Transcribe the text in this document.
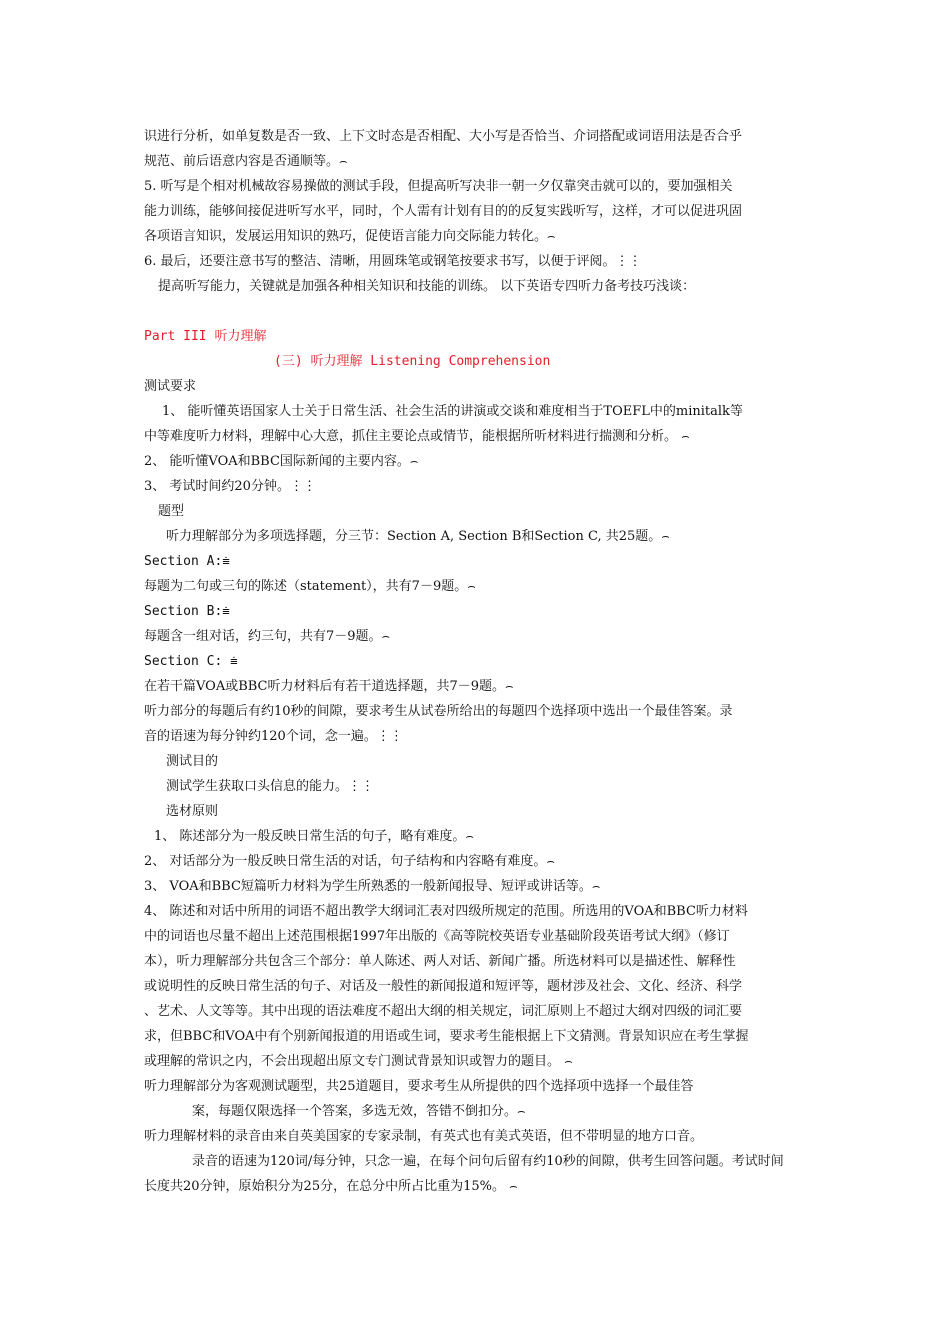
识进行分析，如单复数是否一致、上下文时态是否相配、大小写是否恰当、介词搭配或词语用法是否合乎
规范、前后语意内容是否通顺等。⌢
5. 听写是个相对机械故容易操做的测试手段，但提高听写决非一朝一夕仅靠突击就可以的，要加强相关
能力训练，能够间接促进听写水平，同时，个人需有计划有目的的反复实践听写，这样，才可以促进巩固
各项语言知识，发展运用知识的熟巧，促使语言能力向交际能力转化。⌢
6. 最后，还要注意书写的整洁、清晰，用圆珠笔或钢笔按要求书写，以便于评阅。⋮⋮
提高听写能力，关键就是加强各种相关知识和技能的训练。 以下英语专四听力备考技巧浅谈：
Part III 听力理解
(三) 听力理解 Listening Comprehension
测试要求
1、 能听懂英语国家人士关于日常生活、社会生活的讲演或交谈和难度相当于TOEFL中的minitalk等
中等难度听力材料，理解中心大意，抓住主要论点或情节，能根据所听材料进行揣测和分析。 ⌢
2、 能听懂VOA和BBC国际新闻的主要内容。⌢
3、 考试时间约20分钟。⋮⋮
题型
听力理解部分为多项选择题，分三节：Section A, Section B和Section C, 共25题。⌢
Section A:⩧
每题为二句或三句的陈述（statement），共有7－9题。⌢
Section B:⩧
每题含一组对话，约三句，共有7－9题。⌢
Section C: ⩧
在若干篇VOA或BBC听力材料后有若干道选择题，共7－9题。⌢
听力部分的每题后有约10秒的间隙，要求考生从试卷所给出的每题四个选择项中选出一个最佳答案。录
音的语速为每分钟约120个词，念一遍。⋮⋮
测试目的
测试学生获取口头信息的能力。⋮⋮
选材原则
1、 陈述部分为一般反映日常生活的句子，略有难度。⌢
2、 对话部分为一般反映日常生活的对话，句子结构和内容略有难度。⌢
3、 VOA和BBC短篇听力材料为学生所熟悉的一般新闻报导、短评或讲话等。⌢
4、 陈述和对话中所用的词语不超出教学大纲词汇表对四级所规定的范围。所选用的VOA和BBC听力材料
中的词语也尽量不超出上述范围根据1997年出版的《高等院校英语专业基础阶段英语考试大纲》（修订
本），听力理解部分共包含三个部分：单人陈述、两人对话、新闻广播。所选材料可以是描述性、解释性
或说明性的反映日常生活的句子、对话及一般性的新闻报道和短评等，题材涉及社会、文化、经济、科学
、艺术、人文等等。其中出现的语法难度不超出大纲的相关规定，词汇原则上不超过大纲对四级的词汇要
求，但BBC和VOA中有个别新闻报道的用语或生词，要求考生能根据上下文猜测。背景知识应在考生掌握
或理解的常识之内，不会出现超出原文专门测试背景知识或智力的题目。 ⌢
听力理解部分为客观测试题型，共25道题目，要求考生从所提供的四个选择项中选择一个最佳答
案，每题仅限选择一个答案，多选无效，答错不倒扣分。⌢
听力理解材料的录音由来自英美国家的专家录制，有英式也有美式英语，但不带明显的地方口音。
录音的语速为120词/每分钟，只念一遍，在每个问句后留有约10秒的间隙，供考生回答问题。考试时间
长度共20分钟，原始积分为25分，在总分中所占比重为15%。 ⌢
